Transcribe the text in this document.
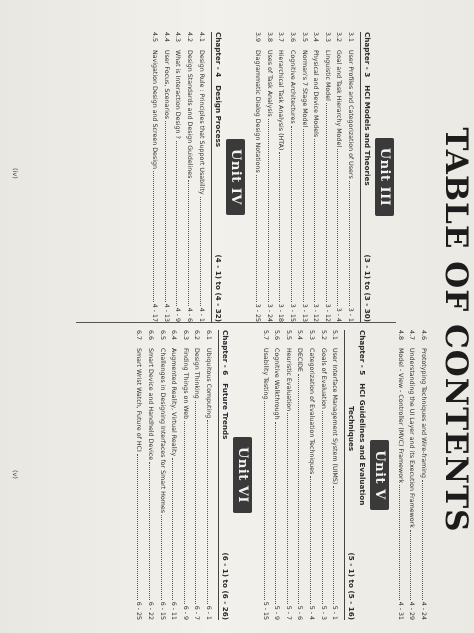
TABLE OF CONTENTS
Unit III
Chapter - 3
HCI Models and Theories
(3 - 1) to (3 - 30)
3.1
User Profiles and Categorization of Users
3 - 1
3.2
Goal and Task Hierarchy Model
3 - 4
3.3
Linguistic Model
3 - 12
3.4
Physical and Device Models
3 - 12
3.5
Norman's 7 Stage Model
3 - 13
3.6
Cognitive Architectures
3 - 15
3.7
Hierarchical Task Analysis (HTA)
3 - 18
3.8
Uses of Task Analysis
3 - 24
3.9
Diagrammatic Dialog Design Notations
3 - 25
Unit IV
Chapter - 4
Design Process
(4 - 1) to (4 - 32)
4.1
Design Rule : Principles that Support Usability
4 - 1
4.2
Design Standards and Design Guidelines
4 - 6
4.3
What is Interaction Design ?
4 - 9
4.4
User Focus, Scenarios
4 - 13
4.5
Navigation Design and Screen Design
4 - 17
4.6
Prototyping Techniques and Wire-framing
4 - 24
4.7
Understanding the UI Layer and its Execution Framework
4 - 29
4.8
Model - View - Controller (MVC) Framework
4 - 31
Unit V
Chapter - 5
HCI Guidelines and Evaluation
Techniques
(5 - 1) to (5 - 16)
5.1
User Interface Management System (UIMS)
5 - 1
5.2
Goals of Evaluation
5 - 3
5.3
Categorization of Evaluation Techniques
5 - 4
5.4
DECIDE
5 - 6
5.5
Heuristic Evaluation
5 - 7
5.6
Cognitive Walkthrough
5 - 9
5.7
Usability Testing
5 - 15
Unit VI
Chapter - 6
Future Trends
(6 - 1) to (6 - 26)
6.1
Ubiquitous Computing
6 - 1
6.2
Design Thinking
6 - 7
6.3
Finding Things on Web
6 - 9
6.4
Augmented Reality, Virtual Reality
6 - 11
6.5
Challenges in Designing Interfaces for Smart Homes
6 - 15
6.6
Smart Device and Handheld Device
6 - 22
6.7
Smart Wrist Watch, Future of HCI
6 - 25
(iv)
(v)
